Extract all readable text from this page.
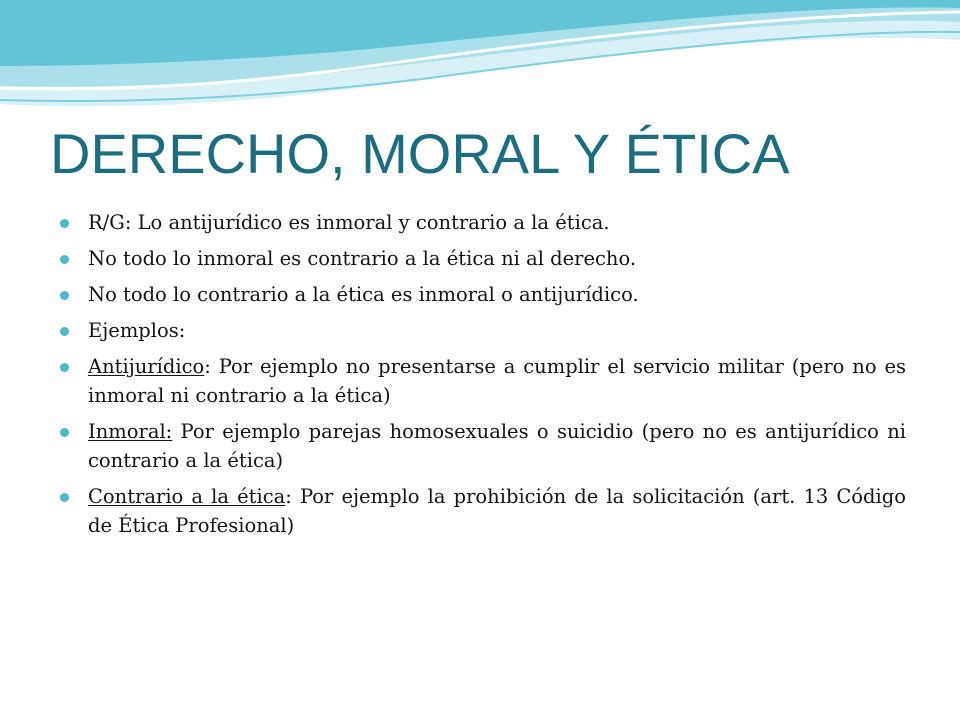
DERECHO, MORAL Y ÉTICA
R/G: Lo antijurídico es inmoral y contrario a la ética.
No todo lo inmoral es contrario a la ética ni al derecho.
No todo lo contrario a la ética es inmoral o antijurídico.
Ejemplos:
Antijurídico: Por ejemplo no presentarse a cumplir el servicio militar (pero no es inmoral ni contrario a la ética)
Inmoral: Por ejemplo parejas homosexuales o suicidio (pero no es antijurídico ni contrario a la ética)
Contrario a la ética: Por ejemplo la prohibición de la solicitación (art. 13 Código de Ética Profesional)
